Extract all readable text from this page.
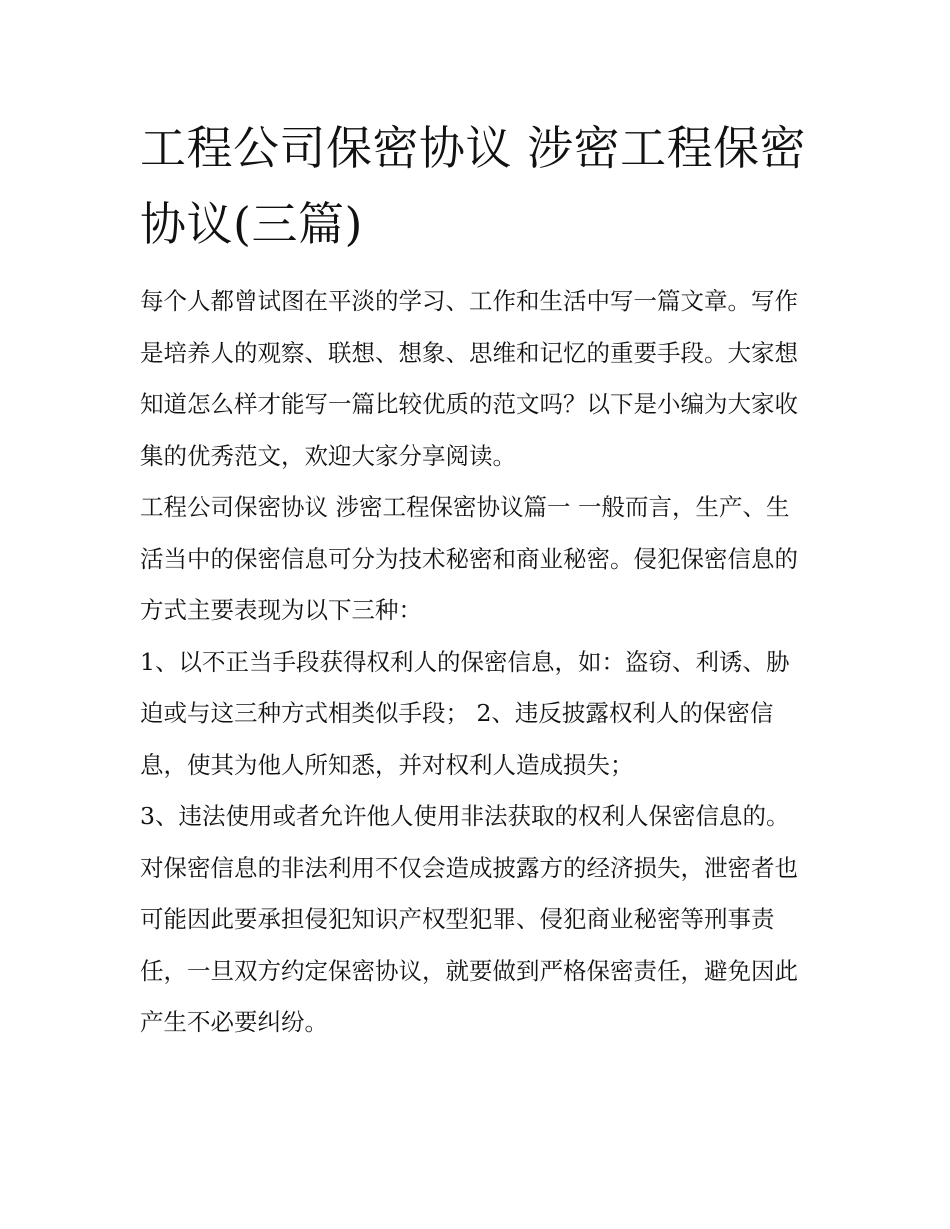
工程公司保密协议 涉密工程保密协议(三篇)

每个人都曾试图在平淡的学习、工作和生活中写一篇文章。写作是培养人的观察、联想、想象、思维和记忆的重要手段。大家想知道怎么样才能写一篇比较优质的范文吗？以下是小编为大家收集的优秀范文，欢迎大家分享阅读。

工程公司保密协议 涉密工程保密协议篇一 一般而言，生产、生活当中的保密信息可分为技术秘密和商业秘密。侵犯保密信息的方式主要表现为以下三种：

1、以不正当手段获得权利人的保密信息，如：盗窃、利诱、胁迫或与这三种方式相类似手段； 2、违反披露权利人的保密信息，使其为他人所知悉，并对权利人造成损失；

3、违法使用或者允许他人使用非法获取的权利人保密信息的。

对保密信息的非法利用不仅会造成披露方的经济损失，泄密者也可能因此要承担侵犯知识产权型犯罪、侵犯商业秘密等刑事责任，一旦双方约定保密协议，就要做到严格保密责任，避免因此产生不必要纠纷。
